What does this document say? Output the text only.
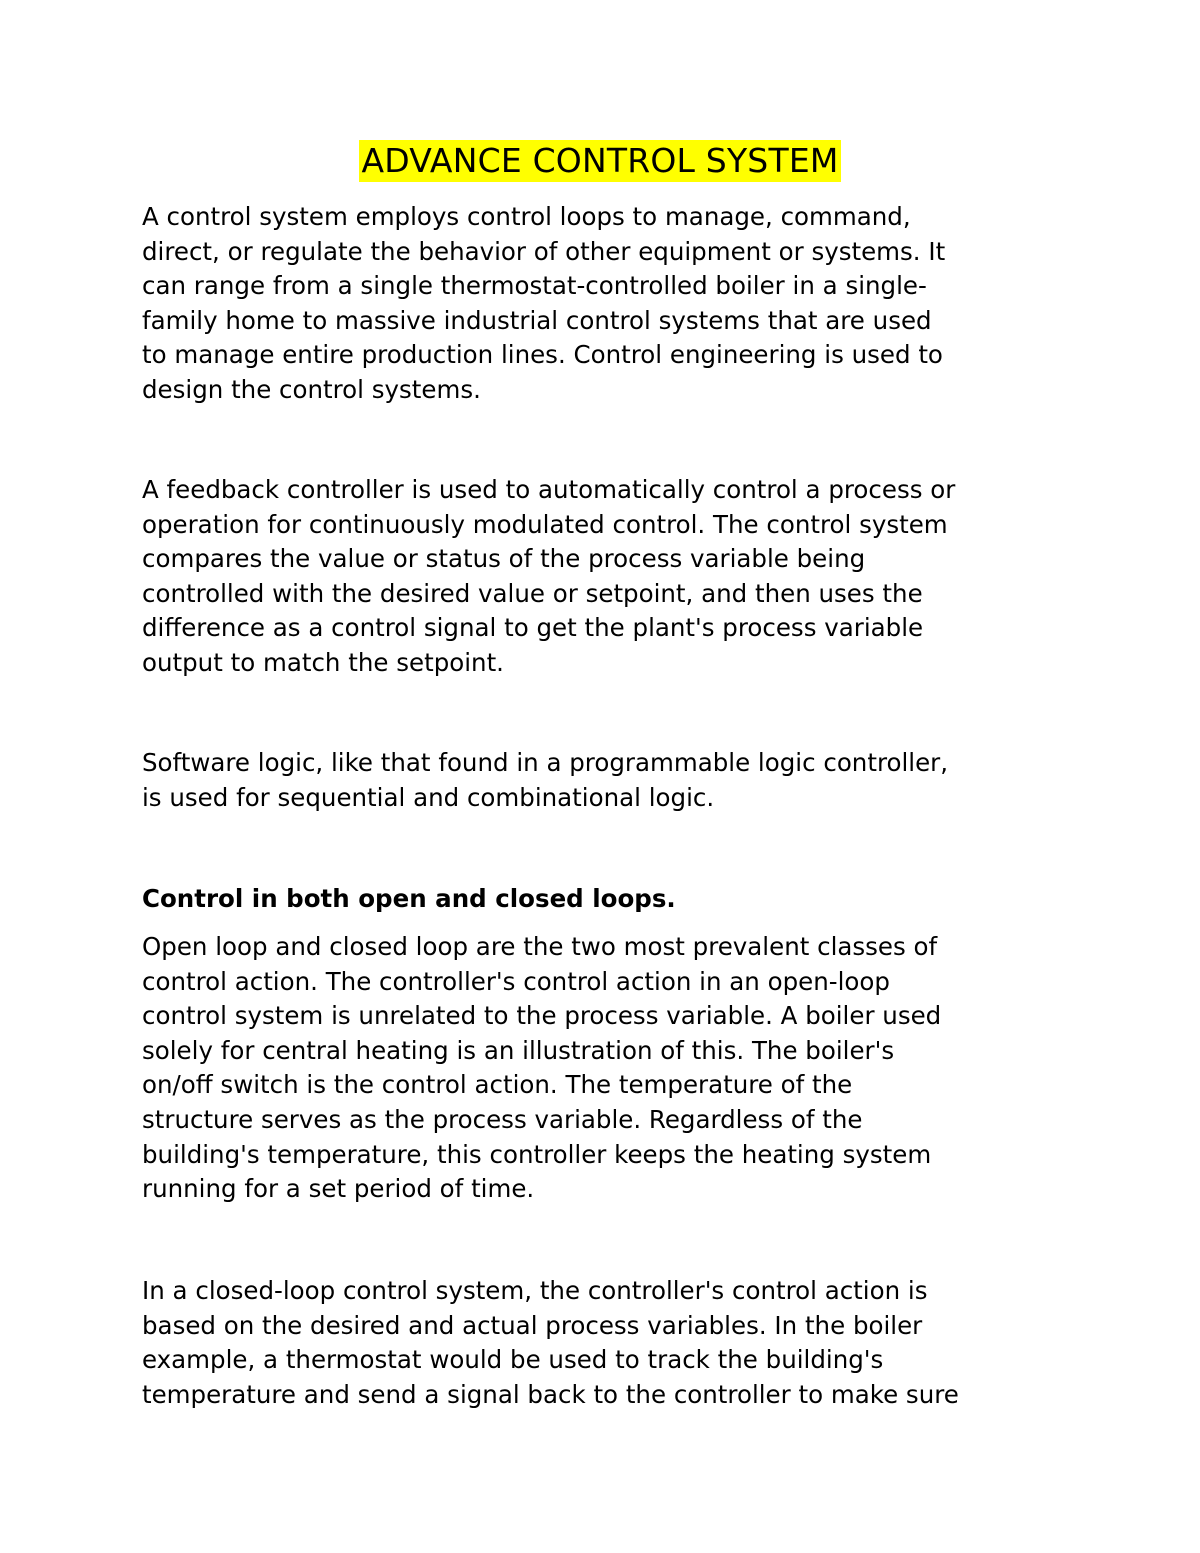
ADVANCE CONTROL SYSTEM

A control system employs control loops to manage, command,
direct, or regulate the behavior of other equipment or systems. It
can range from a single thermostat-controlled boiler in a single-
family home to massive industrial control systems that are used
to manage entire production lines. Control engineering is used to
design the control systems.

A feedback controller is used to automatically control a process or
operation for continuously modulated control. The control system
compares the value or status of the process variable being
controlled with the desired value or setpoint, and then uses the
difference as a control signal to get the plant's process variable
output to match the setpoint.

Software logic, like that found in a programmable logic controller,
is used for sequential and combinational logic.

Control in both open and closed loops.

Open loop and closed loop are the two most prevalent classes of
control action. The controller's control action in an open-loop
control system is unrelated to the process variable. A boiler used
solely for central heating is an illustration of this. The boiler's
on/off switch is the control action. The temperature of the
structure serves as the process variable. Regardless of the
building's temperature, this controller keeps the heating system
running for a set period of time.

In a closed-loop control system, the controller's control action is
based on the desired and actual process variables. In the boiler
example, a thermostat would be used to track the building's
temperature and send a signal back to the controller to make sure
